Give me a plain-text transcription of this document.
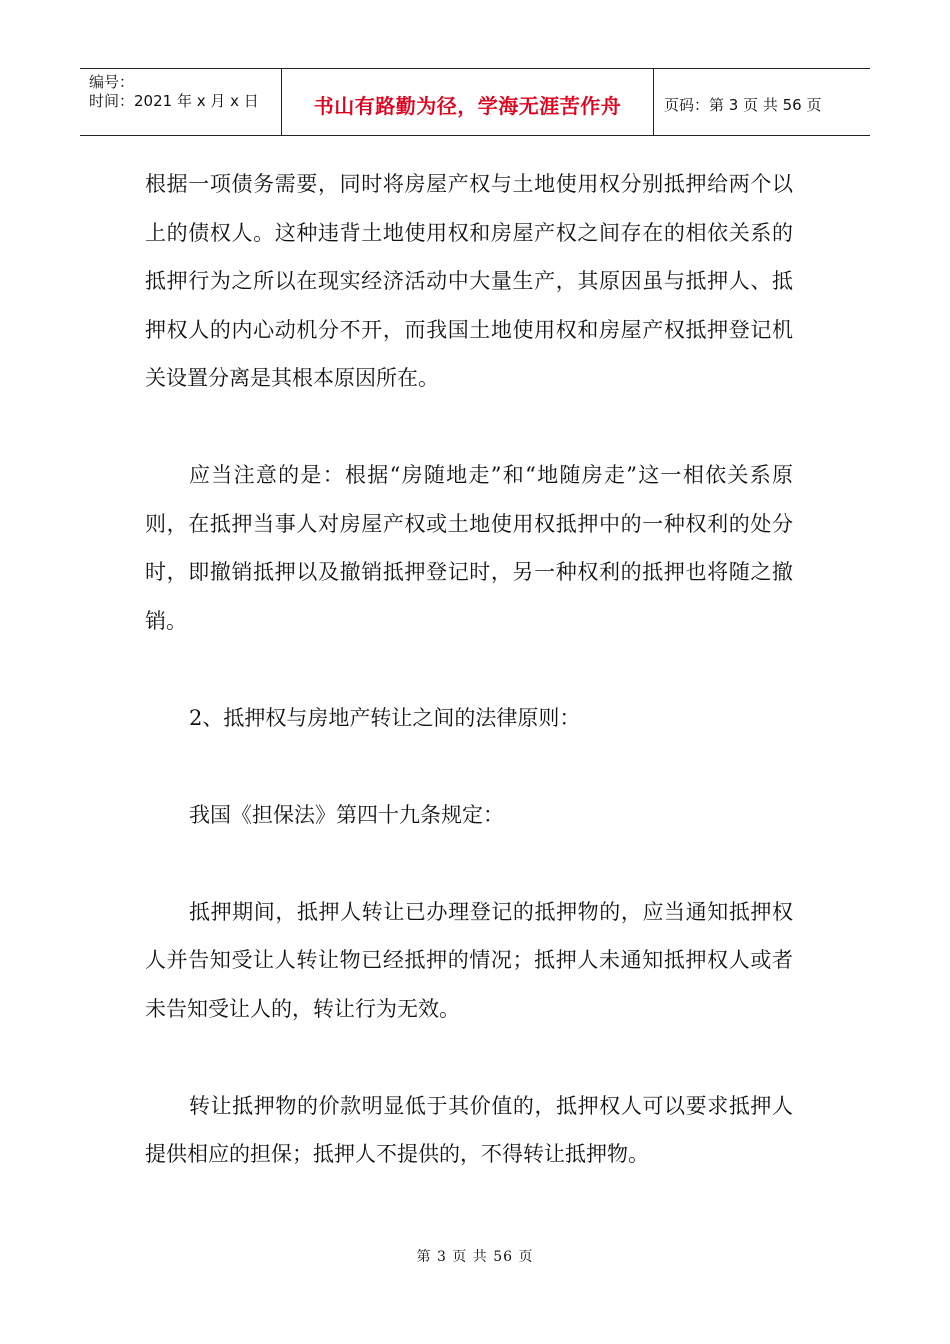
编号：
时间：2021 年 x 月 x 日	书山有路勤为径，学海无涯苦作舟	页码：第 3 页 共 56 页

根据一项债务需要，同时将房屋产权与土地使用权分别抵押给两个以上的债权人。这种违背土地使用权和房屋产权之间存在的相依关系的抵押行为之所以在现实经济活动中大量生产，其原因虽与抵押人、抵押权人的内心动机分不开，而我国土地使用权和房屋产权抵押登记机关设置分离是其根本原因所在。

应当注意的是：根据“房随地走”和“地随房走”这一相依关系原则，在抵押当事人对房屋产权或土地使用权抵押中的一种权利的处分时，即撤销抵押以及撤销抵押登记时，另一种权利的抵押也将随之撤销。

2、抵押权与房地产转让之间的法律原则：

我国《担保法》第四十九条规定：

抵押期间，抵押人转让已办理登记的抵押物的，应当通知抵押权人并告知受让人转让物已经抵押的情况；抵押人未通知抵押权人或者未告知受让人的，转让行为无效。

转让抵押物的价款明显低于其价值的，抵押权人可以要求抵押人提供相应的担保；抵押人不提供的，不得转让抵押物。

第 3 页 共 56 页
